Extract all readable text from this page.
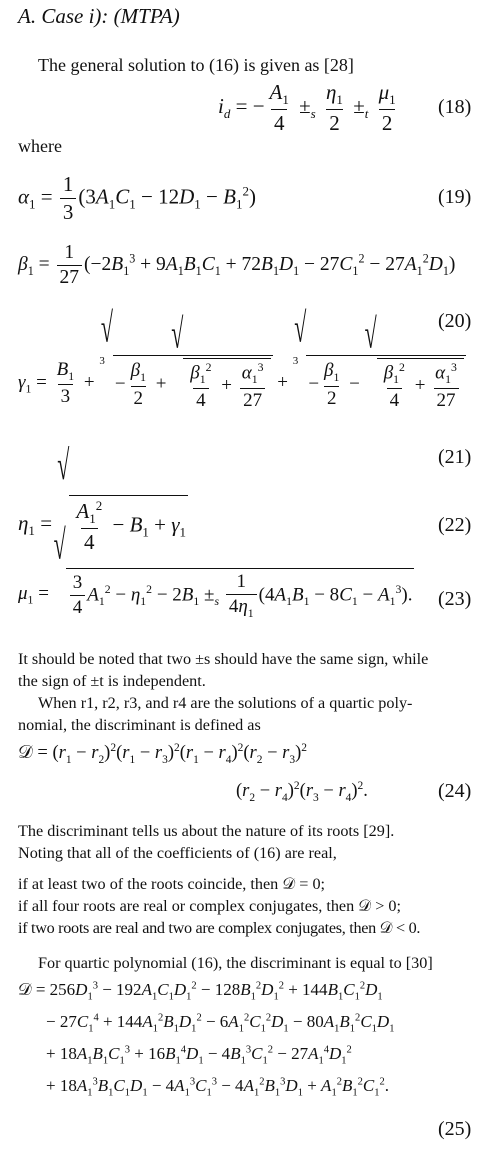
A. Case i): (MTPA)
The general solution to (16) is given as [28]
$i_d$ = − $\frac{A_1}{4} \pm_s \frac{\eta_1}{2} \pm_t \frac{\mu_1}{2} (18)$
where
$\alpha_1 = \frac{1}{3} (3A_1C_1 - 12D_1 - B_1^2)$	(19)
$\beta_1 = \frac{1}{27} (-2B_1^3 + 9A_1B_1C_1 + 72B_1D_1 - 27C_1^2 - 27A_1^2D_1)$
(20)
$\gamma_1 = \frac{B_1}{3}$ +
3
√
− $\frac{\beta_1}{2}$ +
√
$\frac{\beta_1^2}{4} + \frac{\alpha_1^3}{27}$ +
3
√
− $\frac{\beta_1}{2}$ −
√
$\frac{\beta_1^2}{4} + \frac{\alpha_1^3}{27}$
(21)
$\eta_1$ =
√
$\frac{A_1^2}{4} - B_1 + \gamma_1$	(22)
$\mu_1$ =
√
$\frac{3}{4} A_1^2 - \eta_1^2 - 2B_1 \pm_s \frac{1}{4\eta_1} (4A_1B_1 - 8C_1 - A_1^3)$. (23)
It should be noted that two ±s should have the same sign, while
the sign of ±t is independent.
When r1, r2, r3, and r4 are the solutions of a quartic poly-
nomial, the discriminant is defined as
𝒟 = $(r_1 - r_2)^2(r_1 - r_3)^2(r_1 - r_4)^2(r_2 - r_3)^2$
$(r_2 - r_4)^2(r_3 - r_4)^2$.	(24)
The discriminant tells us about the nature of its roots [29].
Noting that all of the coefficients of (16) are real,
if at least two of the roots coincide, then 𝒟 = 0;
if all four roots are real or complex conjugates, then 𝒟 > 0;
if two roots are real and two are complex conjugates, then 𝒟 < 0.
For quartic polynomial (16), the discriminant is equal to [30]
𝒟 = $256D_1^3 - 192A_1C_1D_1^2 - 128B_1^2D_1^2 + 144B_1C_1^2D_1$
− $27C_1^4 + 144A_1^2B_1D_1^2 - 6A_1^2C_1^2D_1 - 80A_1B_1^2C_1D_1$
+ $18A_1B_1C_1^3 + 16B_1^4D_1 - 4B_1^3C_1^2 - 27A_1^4D_1^2$
+ $18A_1^3B_1C_1D_1 - 4A_1^3C_1^3 - 4A_1^2B_1^3D_1 + A_1^2B_1^2C_1^2$.
(25)
